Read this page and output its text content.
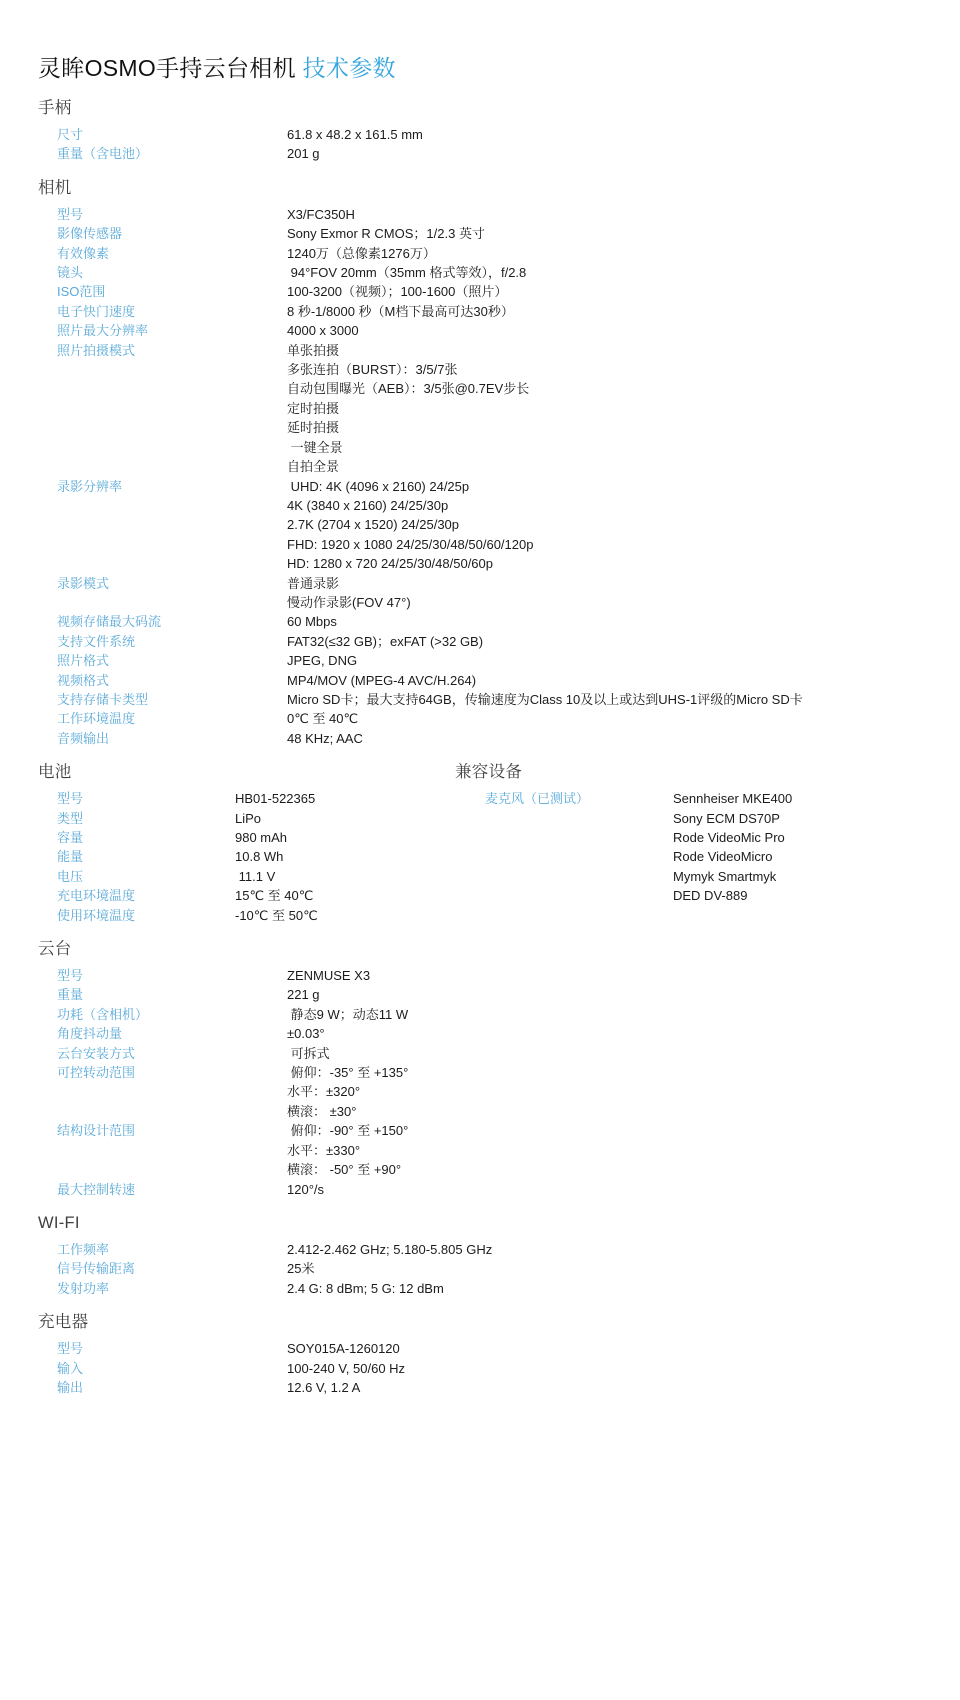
灵眸OSMO手持云台相机 技术参数
手柄
尺寸	61.8 x 48.2 x 161.5 mm
重量（含电池）	201 g
相机
型号	X3/FC350H
影像传感器	Sony Exmor R CMOS；1/2.3 英寸
有效像素	1240万（总像素1276万）
镜头	94°FOV 20mm（35mm 格式等效），f/2.8
ISO范围	100-3200（视频）；100-1600（照片）
电子快门速度	8 秒-1/8000 秒（M档下最高可达30秒）
照片最大分辨率	4000 x 3000
照片拍摄模式	单张拍摄
多张连拍（BURST）：3/5/7张
自动包围曝光（AEB）：3/5张@0.7EV步长
定时拍摄
延时拍摄
一键全景
自拍全景
录影分辨率	UHD: 4K (4096 x 2160) 24/25p
4K (3840 x 2160) 24/25/30p
2.7K (2704 x 1520) 24/25/30p
FHD: 1920 x 1080 24/25/30/48/50/60/120p
HD: 1280 x 720 24/25/30/48/50/60p
录影模式	普通录影
慢动作录影(FOV 47°)
视频存储最大码流	60 Mbps
支持文件系统	FAT32(≤32 GB)；exFAT (>32 GB)
照片格式	JPEG, DNG
视频格式	MP4/MOV (MPEG-4 AVC/H.264)
支持存储卡类型	Micro SD卡；最大支持64GB，传输速度为Class 10及以上或达到UHS-1评级的Micro SD卡
工作环境温度	0℃ 至 40℃
音频输出	48 KHz; AAC
电池
型号	HB01-522365
类型	LiPo
容量	980 mAh
能量	10.8 Wh
电压	11.1 V
充电环境温度	15℃ 至 40℃
使用环境温度	-10℃ 至 50℃
兼容设备
麦克风（已测试）	Sennheiser MKE400
Sony ECM DS70P
Rode VideoMic Pro
Rode VideoMicro
Mymyk Smartmyk
DED DV-889
云台
型号	ZENMUSE X3
重量	221 g
功耗（含相机）	静态9 W；动态11 W
角度抖动量	±0.03°
云台安装方式	可拆式
可控转动范围	俯仰：-35° 至 +135°
水平：±320°
横滚： ±30°
结构设计范围	俯仰：-90° 至 +150°
水平：±330°
横滚： -50° 至 +90°
最大控制转速	120°/s
WI-FI
工作频率	2.412-2.462 GHz; 5.180-5.805 GHz
信号传输距离	25米
发射功率	2.4 G: 8 dBm; 5 G: 12 dBm
充电器
型号	SOY015A-1260120
输入	100-240 V, 50/60 Hz
输出	12.6 V, 1.2 A
